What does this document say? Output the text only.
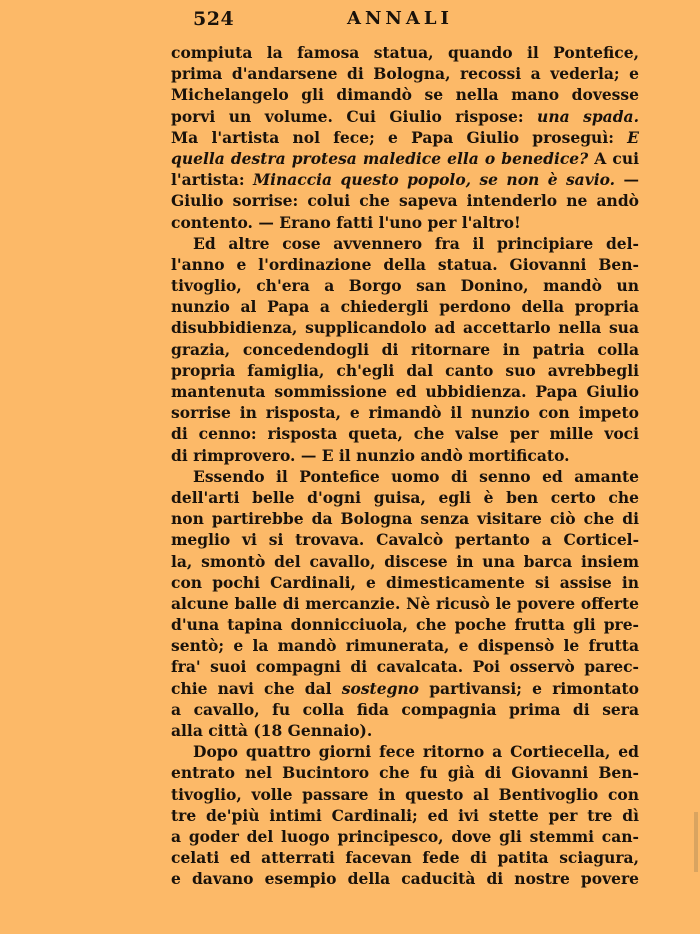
524	ANNALI
compiuta la famosa statua, quando il Pontefice,
prima d'andarsene di Bologna, recossi a vederla; e
Michelangelo gli dimandò se nella mano dovesse
porvi un volume. Cui Giulio rispose: una spada.
Ma l'artista nol fece; e Papa Giulio proseguì: E
quella destra protesa maledice ella o benedice? A cui
l'artista: Minaccia questo popolo, se non è savio. —
Giulio sorrise: colui che sapeva intenderlo ne andò
contento. — Erano fatti l'uno per l'altro!
Ed altre cose avvennero fra il principiare del-
l'anno e l'ordinazione della statua. Giovanni Ben-
tivoglio, ch'era a Borgo san Donino, mandò un
nunzio al Papa a chiedergli perdono della propria
disubbidienza, supplicandolo ad accettarlo nella sua
grazia, concedendogli di ritornare in patria colla
propria famiglia, ch'egli dal canto suo avrebbegli
mantenuta sommissione ed ubbidienza. Papa Giulio
sorrise in risposta, e rimandò il nunzio con impeto
di cenno: risposta queta, che valse per mille voci
di rimprovero. — E il nunzio andò mortificato.
Essendo il Pontefice uomo di senno ed amante
dell'arti belle d'ogni guisa, egli è ben certo che
non partirebbe da Bologna senza visitare ciò che di
meglio vi si trovava. Cavalcò pertanto a Corticel-
la, smontò del cavallo, discese in una barca insiem
con pochi Cardinali, e dimesticamente si assise in
alcune balle di mercanzie. Nè ricusò le povere offerte
d'una tapina donnicciuola, che poche frutta gli pre-
sentò; e la mandò rimunerata, e dispensò le frutta
fra' suoi compagni di cavalcata. Poi osservò parec-
chie navi che dal sostegno partivansi; e rimontato
a cavallo, fu colla fida compagnia prima di sera
alla città (18 Gennaio).
Dopo quattro giorni fece ritorno a Cortiecella, ed
entrato nel Bucintoro che fu già di Giovanni Ben-
tivoglio, volle passare in questo al Bentivoglio con
tre de'più intimi Cardinali; ed ivi stette per tre dì
a goder del luogo principesco, dove gli stemmi can-
celati ed atterrati facevan fede di patita sciagura,
e davano esempio della caducità di nostre povere
